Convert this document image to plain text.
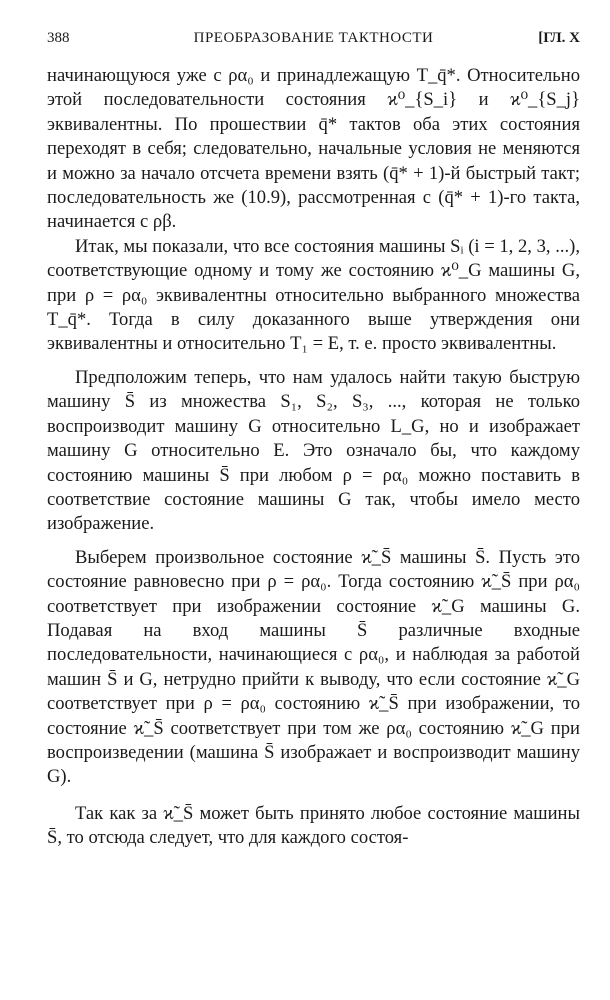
388	ПРЕОБРАЗОВАНИЕ ТАКТНОСТИ	[ГЛ. X

начинающуюся уже с ρα₀ и принадлежащую T_q̄*. Относительно этой последовательности состояния ϰ⁰_{S_i} и ϰ⁰_{S_j} эквивалентны. По прошествии q̄* тактов оба этих состояния переходят в себя; следовательно, начальные условия не меняются и можно за начало отсчета времени взять (q̄* + 1)-й быстрый такт; последовательность же (10.9), рассмотренная с (q̄* + 1)-го такта, начинается с ρβ.

Итак, мы показали, что все состояния машины Sᵢ (i = 1, 2, 3, ...), соответствующие одному и тому же состоянию ϰ⁰_G машины G, при ρ = ρα₀ эквивалентны относительно выбранного множества T_q̄*. Тогда в силу доказанного выше утверждения они эквивалентны и относительно T₁ = E, т. е. просто эквивалентны.

Предположим теперь, что нам удалось найти такую быструю машину S̄ из множества S₁, S₂, S₃, ..., которая не только воспроизводит машину G относительно L_G, но и изображает машину G относительно E. Это означало бы, что каждому состоянию машины S̄ при любом ρ = ρα₀ можно поставить в соответствие состояние машины G так, чтобы имело место изображение.

Выберем произвольное состояние ϰ̃_S̄ машины S̄. Пусть это состояние равновесно при ρ = ρα₀. Тогда состоянию ϰ̃_S̄ при ρα₀ соответствует при изображении состояние ϰ̃_G машины G. Подавая на вход машины S̄ различные входные последовательности, начинающиеся с ρα₀, и наблюдая за работой машин S̄ и G, нетрудно прийти к выводу, что если состояние ϰ̃_G соответствует при ρ = ρα₀ состоянию ϰ̃_S̄ при изображении, то состояние ϰ̃_S̄ соответствует при том же ρα₀ состоянию ϰ̃_G при воспроизведении (машина S̄ изображает и воспроизводит машину G).

Так как за ϰ̃_S̄ может быть принято любое состояние машины S̄, то отсюда следует, что для каждого состоя-
